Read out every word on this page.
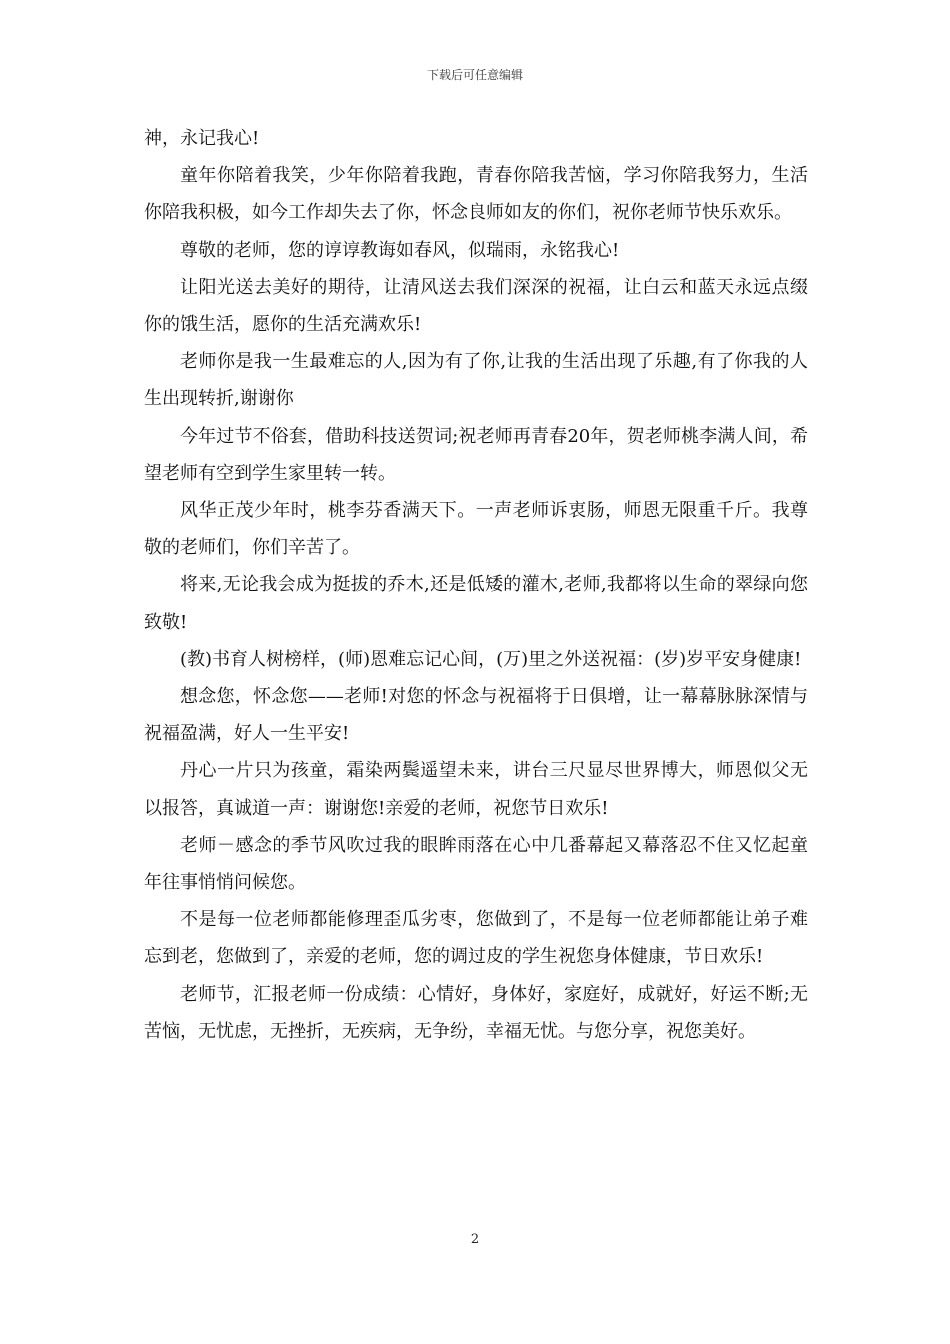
下载后可任意编辑

神，永记我心!

童年你陪着我笑，少年你陪着我跑，青春你陪我苦恼，学习你陪我努力，生活你陪我积极，如今工作却失去了你，怀念良师如友的你们，祝你老师节快乐欢乐。

尊敬的老师，您的谆谆教诲如春风，似瑞雨，永铭我心!

让阳光送去美好的期待，让清风送去我们深深的祝福，让白云和蓝天永远点缀你的饿生活，愿你的生活充满欢乐!

老师你是我一生最难忘的人,因为有了你,让我的生活出现了乐趣,有了你我的人生出现转折,谢谢你

今年过节不俗套，借助科技送贺词;祝老师再青春20年，贺老师桃李满人间，希望老师有空到学生家里转一转。

风华正茂少年时，桃李芬香满天下。一声老师诉衷肠，师恩无限重千斤。我尊敬的老师们，你们辛苦了。

将来,无论我会成为挺拔的乔木,还是低矮的灌木,老师,我都将以生命的翠绿向您致敬!

(教)书育人树榜样，(师)恩难忘记心间，(万)里之外送祝福：(岁)岁平安身健康!

想念您，怀念您——老师!对您的怀念与祝福将于日俱增，让一幕幕脉脉深情与祝福盈满，好人一生平安!

丹心一片只为孩童，霜染两鬓遥望未来，讲台三尺显尽世界博大，师恩似父无以报答，真诚道一声：谢谢您!亲爱的老师，祝您节日欢乐!

老师－感念的季节风吹过我的眼眸雨落在心中几番幕起又幕落忍不住又忆起童年往事悄悄问候您。

不是每一位老师都能修理歪瓜劣枣，您做到了，不是每一位老师都能让弟子难忘到老，您做到了，亲爱的老师，您的调过皮的学生祝您身体健康，节日欢乐!

老师节，汇报老师一份成绩：心情好，身体好，家庭好，成就好，好运不断;无苦恼，无忧虑，无挫折，无疾病，无争纷，幸福无忧。与您分享，祝您美好。

2
